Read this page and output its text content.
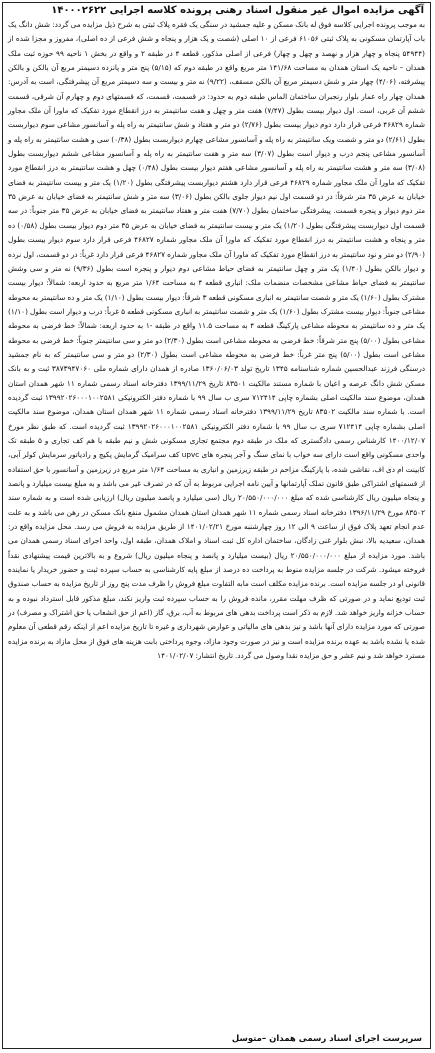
آگهی مزایده اموال غیر منقول اسناد رهنی پرونده کلاسه اجرایی ۱۴۰۰۰۲۶۲۲
به موجب پرونده اجرایی کلاسه فوق له بانک مسکن و علیه جمشید در سنگی یک فقره پلاک ثبتی به شرح ذیل مزایده می گردد: شش دانگ یک باب آپارتمان مسکونی به پلاک ثبتی ۶۱۰۵۶ فرعی از ۱۰ اصلی (شصت و یک هزار و پنجاه و شش فرعی از ده اصلی)، مفروز و مجزا شده از (۵۴۹۴۴ پنجاه و چهار هزار و نهصد و چهل و چهار) فرعی از اصلی مذکور، قطعه ۴ در طبقه ۲ و واقع در بخش ۱ ناحیه ۹۹ حوزه ثبت ملک همدان – ناحیه یک استان همدان به مساحت ۱۴۱/۶۸ متر مربع واقع در طبقه دوم که (۵/۱۵) پنج متر و پانزده دسیمتر مربع آن بالکن و بالکن پیشرفته، (۴/۰۶) چهار متر و شش دسیمتر مربع آن بالکن مسقف، (۹/۲۲) نه متر و بیست و سه دسیمتر مربع آن پیشرفتگی، است به آدرس: همدان چهار راه عمار بلوار رنجبران ساختمان الماس طبقه دوم به حدود: در قسمت، قسمت، که قسمتهای دوم و چهارم آن شرقی، قسمت ششم آن غربی، است. اول دیوار بیست بطول (۷/۴۷) هفت متر و چهل و هفت سانتیمتر به درز انقطاع مورد تفکیک که ماورا آن ملک مجاور شماره ۴۶۸۲۹ فرعی قرار دارد دوم دیوار بیست بطول (۲/۷۶) دو متر و هفتاد و شش سانتیمتر به راه پله و آسانسور مشاعی سوم دیواربست بطول (۲/۶۱) دو متر و شصت ویک سانتیمتر به راه پله و آسانسور مشاعی چهارم دیواربست بطول (۰/۳۸) سی و هشت سانتیمتر به راه پله و آسانسور مشاعی پنجم درب و دیوار است بطول (۳/۰۷) سه متر و هفت سانتیمتر به راه پله و آسانسور مشاعی ششم دیواربست بطول (۳/۰۸) سه متر و هشت سانتیمتر به راه پله و آسانسور مشاعی هفتم دیوار بیست بطول (۰/۴۸) چهل و هشت سانتیمتر به درز انقطاع مورد تفکیک که ماورا آن ملک مجاور شماره ۴۶۸۲۹ فرعی قرار دارد هشتم دیواربست پیشرفتگی بطول (۱/۲۰) یک متر و بیست سانتیمتر به فضای خیابان به عرض ۳۵ متر شرقاً: در دو قسمت اول نیم دیوار جلوی بالکن بطول (۳/۰۶) سه متر و شش سانتیمتر به فضای خیابان به عرض ۳۵ متر دوم دیوار و پنجره قسمت. پیشرفتگی ساختمان بطول (۷/۷۰) هفت متر و هفتاد سانتیمتر به فضای خیابان به عرض ۳۵ متر جنوباً: در سه قسمت اول دیواربست پیشرفتگی بطول (۱/۲۰) یک متر و بیست سانتیمتر به فضای خیابان به عرض ۳۵ متر دوم دیوار بیست بطول (۰/۵۸) ده متر و پنجاه و هشت سانتیمتر به درز انقطاع مورد تفکیک که ماورا آن ملک مجاور شماره ۴۶۸۲۷ فرعی قرار دارد سوم دیوار بیست بطول (۲/۹۰) دو متر و نود سانتیمتر به درز انقطاع مورد تفکیک که ماورا آن ملک مجاور شماره ۴۶۸۲۷ فرعی قرار دارد غرباً: در دو قسمت، اول نرده و دیوار بالکن بطول (۱/۴۰) یک متر و چهل سانتیمتر به فضای حیاط مشاعی دوم دیوار و پنجره است بطول (۹/۳۶) نه متر و سی وشش سانتیمتر به فضای حیاط مشاعی مشخصات منضمات ملک: انباری قطعه ۴ به مساحت ۱/۶۴ متر مربع به حدود اربعه: شمالاً: دیوار بیست مشترک بطول (۱/۶۰) یک متر و شصت سانتیمتر به انباری مسکونی قطعه ۳ شرقاً: دیوار بیست بطول (۱/۱۰) یک متر و ده سانتیمتر به محوطه مشاعی جنوباً: دیوار بیست مشترک بطول (۱/۶۰) یک متر و شصت سانتیمتر به انباری مسکونی قطعه ۵ غرباً: درب و دیوار است بطول (۱/۱۰) یک متر و ده سانتیمتر به محوطه مشاعی پارکینگ قطعه ۴ به مساحت ۱۱.۵ واقع در طبقه -۱ به حدود اربعه: شمالاً: خط فرضی به محوطه مشاعی بطول (۵/۰۰) پنج متر شرقاً: خط فرضی به محوطه مشاعی است بطول (۲/۳۰) دو متر و سی سانتیمتر جنوباً: خط فرضی به محوطه مشاعی است بطول (۵/۰۰) پنج متر غرباً: خط فرضی به محوطه مشاعی است بطول (۲/۳۰) دو متر و سی سانتیمتر که به نام جمشید درسنگی فرزند عبدالحسین شماره شناسنامه ۱۳۴۵ تاریخ تولد ۱۳۶۰/۰۶/۰۳ صادره از همدان دارای شماره ملی ۳۸۷۳۹۴۷۰۶۰ ثبت و به بانک مسکن شش دانگ عرصه و اعیان با شماره مستند مالکیت ۸۳۵۰۱ تاریخ ۱۳۹۹/۱۱/۲۹ دفترخانه اسناد رسمی شماره ۱۱ شهر همدان استان همدان، موضوع سند مالکیت اصلی بشماره چاپی ۷۱۲۴۱۴ سری ب سال ۹۹ با شماره دفتر الکترونیکی ۱۳۹۹۲۰۲۶۰۰۰۱۰۰۲۵۸۱ ثبت گردیده است. با شماره سند مالکیت ۸۳۵۰۲ تاریخ ۱۳۹۹/۱۱/۲۹ دفترخانه اسناد رسمی شماره ۱۱ شهر همدان استان همدان، موضوع سند مالکیت اصلی بشماره چاپی ۷۱۲۴۱۴ سری ب سال ۹۹ با شماره دفتر الکترونیکی ۱۳۹۹۲۰۲۶۰۰۰۱۰۰۲۵۸۱ ثبت گردیده است. که طبق نظر مورخ ۱۴۰۰/۱۲/۰۷ کارشناس رسمی دادگستری که ملک در طبقه دوم مجتمع تجاری مسکونی شش و نیم طبقه با هم کف تجاری و ۵ طبقه تک واحدی مسکونی واقع است دارای سه خواب با نمای سنگ و آجر پنجره های upvc کف سرامیک گرمایش پکیج و رادیاتور سرمایش کولر آبی، کابینت ام دی اف، نقاشی شده، با پارکینگ مزاحم در طبقه زیرزمین و انباری به مساحت ۱/۶۴ متر مربع در زیرزمین و آسانسور با حق استفاده از قسمتهای اشتراکی طبق قانون تملک آپارتمانها و آیین نامه اجرایی مربوط به آن که در تصرف غیر می باشد و به مبلغ بیست میلیارد و پانصد و پنجاه میلیون ریال کارشناسی شده که مبلغ ۲۰/۵۵۰/۰۰۰/۰۰۰ ریال (سی میلیارد و پانصد میلیون ریال) ارزیابی شده است و به شماره سند ۸۳۵۰۲ مورخ ۱۳۹۶/۱۱/۲۹ دفترخانه اسناد رسمی شماره ۱۱ شهر همدان استان همدان مشمول منفع بانک مسکن در رهن می باشد و به علت عدم انجام تعهد پلاک فوق از ساعت ۹ الی ۱۲ روز چهارشنبه مورخ ۱۴۰۱/۰۲/۲۱ از طریق مزایده به فروش می رسد. محل مزایده واقع در: همدان، سعیدیه بالا، نبش بلوار غنی زادگان، ساختمان اداره کل ثبت اسناد و املاک همدان، طبقه اول، واحد اجرای اسناد رسمی همدان می باشد. مورد مزایده از مبلغ ۲۰/۵۵۰/۰۰۰/۰۰۰ ریال (بیست میلیارد و پانصد و پنجاه میلیون ریال) شروع و به بالاترین قیمت پیشنهادی نقداً فروخته میشود. شرکت در جلسه مزایده منوط به پرداخت ده درصد از مبلغ پایه کارشناسی به حساب سپرده ثبت و حضور خریدار یا نماینده قانونی او در جلسه مزایده است. برنده مزایده مکلف است مابه التفاوت مبلغ فروش را ظرف مدت پنج روز از تاریخ مزایده به حساب صندوق ثبت تودیع نماید و در صورتی که ظرف مهلت مقرر، مانده فروش را به حساب سپرده ثبت واریز نکند، مبلغ مذکور قابل استرداد نبوده و به حساب خزانه واریز خواهد شد. لازم به ذکر است پرداخت بدهی های مربوط به آب، برق، گاز (اعم از حق انشعاب یا حق اشتراک و مصرف) در صورتی که مورد مزایده دارای آنها باشد و نیز بدهی های مالیاتی و عوارض شهرداری و غیره تا تاریخ مزایده اعم از اینکه رقم قطعی آن معلوم شده یا نشده باشد به عهده برنده مزایده است و نیز در صورت وجود مازاد، وجوه پرداختی بابت هزینه های فوق از محل مازاد به برنده مزایده مسترد خواهد شد و نیم عشر و حق مزایده نقدا وصول می گردد. تاریخ انتشار: ۱۴۰۱/۰۲/۰۷
سرپرست اجرای اسناد رسمی همدان –متوسل
